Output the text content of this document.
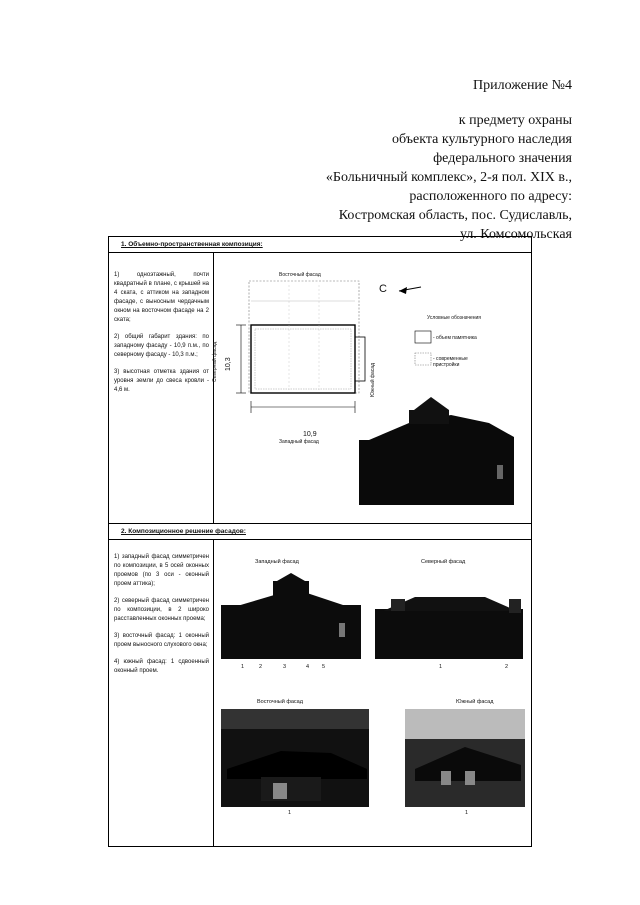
Приложение №4
к предмету охраны
объекта культурного наследия
федерального значения
«Больничный комплекс», 2-я пол. XIX в.,
расположенного по адресу:
Костромская область, пос. Судиславль,
ул. Комсомольская
1. Объемно-пространственная композиция:

1) одноэтажный, почти квадратный в плане, с крышей на 4 ската, с аттиком на западном фасаде, с выносным чердачным окном на восточном фасаде на 2 ската;

2) общий габарит здания: по западному фасаду - 10,9 п.м., по северному фасаду - 10,3 п.м.;

3) высотная отметка здания от уровня земли до свеса кровли - 4,6 м.

Восточный фасад
Западный фасад
Северный фасад	Южный фасад
10,9
10,3
С
Условные обозначения
- объем памятника
- современные пристройки
2. Композиционное решение фасадов:

1) западный фасад симметричен по композиции, в 5 осей оконных проемов (по 3 оси - оконный проем аттика);

2) северный фасад симметричен по композиции, в 2 широко расставленных оконных проема;

3) восточный фасад: 1 оконный проем выносного слухового окна;

4) южный фасад: 1 сдвоенный оконный проем.

Западный фасад
1	2	3	4 5
Северный фасад
1	2
Восточный фасад
1
Южный фасад
1
